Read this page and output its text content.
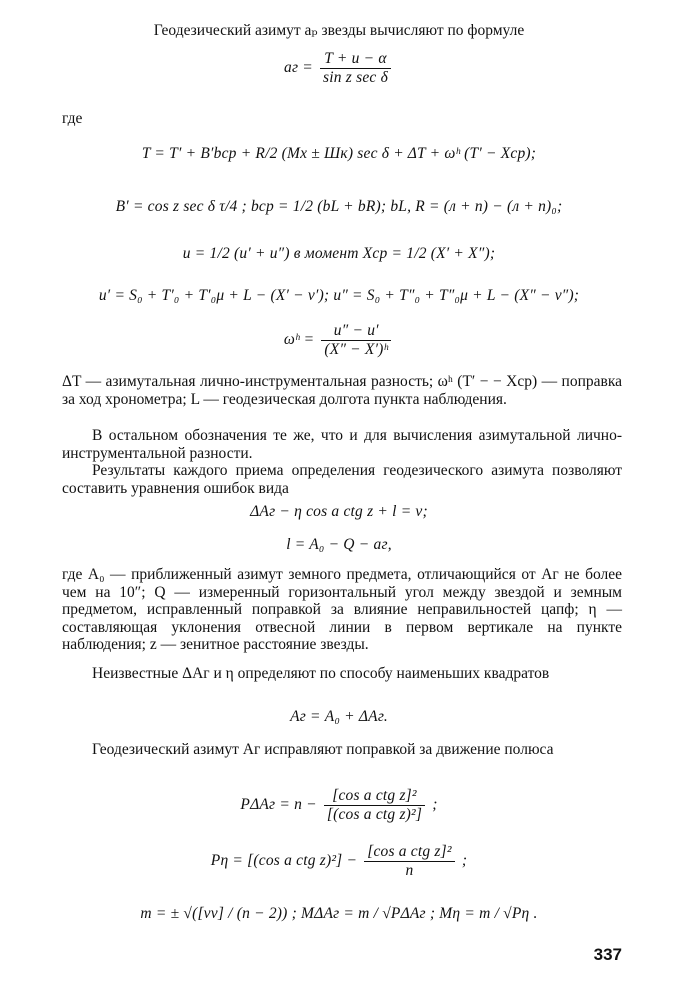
Геодезический азимут aₚ звезды вычисляют по формуле
aг = $\frac{T + u - \alpha}{\text{sin z sec δ}}$
где
T = T′ + B′bср + R/2 (Mх ± Шк) sec δ + ΔT + ωʰ (T′ − Xср);
B′ = cos z sec δ τ/4 ; bср = 1/2 (bL + bR); bL, R = (л + п) − (л + п)₀;
u = 1/2 (u′ + u″) в момент Xср = 1/2 (X′ + X″);
u′ = S₀ + T′₀ + T′₀μ + L − (X′ − v′); u″ = S₀ + T″₀ + T″₀μ + L − (X″ − v″);
ωʰ = $\frac{u'' - u'}{\text{(X″ − X′)ʰ}}$
ΔT — азимутальная лично-инструментальная разность; ωʰ (T′ − − Xср) — поправка за ход хронометра; L — геодезическая долгота пункта наблюдения.
В остальном обозначения те же, что и для вычисления азимутальной лично-инструментальной разности.
Результаты каждого приема определения геодезического азимута позволяют составить уравнения ошибок вида
ΔAг − η cos a ctg z + l = v;
l = A₀ − Q − aг,
где A₀ — приближенный азимут земного предмета, отличающийся от Aг не более чем на 10″; Q — измеренный горизонтальный угол между звездой и земным предметом, исправленный поправкой за влияние неправильностей цапф; η — составляющая уклонения отвесной линии в первом вертикале на пункте наблюдения; z — зенитное расстояние звезды.
Неизвестные ΔAг и η определяют по способу наименьших квадратов
Aг = A₀ + ΔAг.
Геодезический азимут Aг исправляют поправкой за движение полюса
$P\Delta Aг = n - \frac{\text{[cos a ctg z]²}}{\text{[(cos a ctg z)²]}}$ ;
Pη = [(cos a ctg $z)^2] - \frac{\text{[cos a ctg z]²}}{n}$ ;
m = ± √([vv] / (n − 2)) ; MΔAг = m / √PΔAг ; Mη = m / √Pη .
337
